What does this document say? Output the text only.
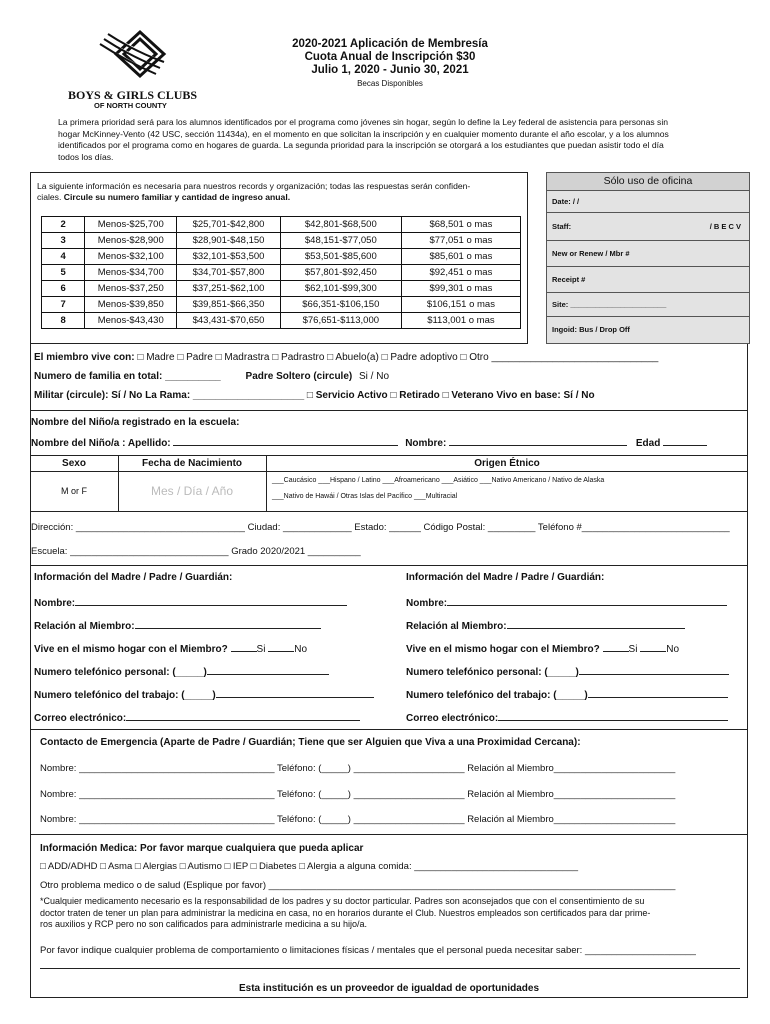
BOYS & GIRLS CLUBS
OF NORTH COUNTY
2020-2021 Aplicación de Membresía
Cuota Anual de Inscripción $30
Julio 1, 2020 - Junio 30, 2021
Becas Disponibles
La primera prioridad será para los alumnos identificados por el programa como jóvenes sin hogar, según lo define la Ley federal de asistencia para personas sin
hogar McKinney-Vento (42 USC, sección 11434a), en el momento en que solicitan la inscripción y en cualquier momento durante el año escolar, y a los alumnos
identificados por el programa como en hogares de guarda. La segunda prioridad para la inscripción se otorgará a los estudiantes que puedan asistir todo el día
todos los días.
La siguiente información es necesaria para nuestros records y organización; todas las respuestas serán confiden-
ciales. Circule su numero familiar y cantidad de ingreso anual.
2	Menos-$25,700	$25,701-$42,800	$42,801-$68,500	$68,501 o mas
3	Menos-$28,900	$28,901-$48,150	$48,151-$77,050	$77,051 o mas
4	Menos-$32,100	$32,101-$53,500	$53,501-$85,600	$85,601 o mas
5	Menos-$34,700	$34,701-$57,800	$57,801-$92,450	$92,451 o mas
6	Menos-$37,250	$37,251-$62,100	$62,101-$99,300	$99,301 o mas
7	Menos-$39,850	$39,851-$66,350	$66,351-$106,150	$106,151 o mas
8	Menos-$43,430	$43,431-$70,650	$76,651-$113,000	$113,001 o mas
Sólo uso de oficina
Date: / /
Staff:	/ B E C V
New or Renew / Mbr #
Receipt #
Site: _______________________
Ingoid: Bus / Drop Off
El miembro vive con: □ Madre □ Padre □ Madrastra □ Padrastro □ Abuelo(a) □ Padre adoptivo □ Otro ______________________________
Numero de familia en total: __________ Padre Soltero (circule) Si / No
Militar (circule): Sí / No La Rama: ____________________ □ Servicio Activo □ Retirado □ Veterano Vivo en base: Sí / No
Nombre del Niño/a registrado en la escuela:
Nombre del Niño/a : Apellido:	Nombre:	Edad
Sexo	Fecha de Nacimiento	Origen Étnico
M or F	Mes / Día / Año
___Caucásico ___Hispano / Latino ___Afroamericano ___Asiático ___Nativo Americano / Nativo de Alaska
___Nativo de Hawái / Otras Islas del Pacífico ___Multiracial
Dirección: ________________________________ Ciudad: _____________ Estado: ______ Código Postal: _________ Teléfono #____________________________
Escuela: ______________________________ Grado 2020/2021 __________
Información del Madre / Padre / Guardián:
Nombre:
Relación al Miembro:
Vive en el mismo hogar con el Miembro?	Si	No
Numero telefónico personal: (_____)
Numero telefónico del trabajo: (_____)
Correo electrónico:
Información del Madre / Padre / Guardián:
Nombre:
Relación al Miembro:
Vive en el mismo hogar con el Miembro?	Si	No
Numero telefónico personal: (_____)
Numero telefónico del trabajo: (_____)
Correo electrónico:
Contacto de Emergencia (Aparte de Padre / Guardián; Tiene que ser Alguien que Viva a una Proximidad Cercana):
Nombre: _____________________________________ Teléfono: (_____) _____________________ Relación al Miembro_______________________
Nombre: _____________________________________ Teléfono: (_____) _____________________ Relación al Miembro_______________________
Nombre: _____________________________________ Teléfono: (_____) _____________________ Relación al Miembro_______________________
Información Medica: Por favor marque cualquiera que pueda aplicar
□ ADD/ADHD □ Asma □ Alergias □ Autismo □ IEP □ Diabetes □ Alergia a alguna comida: _______________________________
Otro problema medico o de salud (Esplique por favor) _____________________________________________________________________________
*Cualquier medicamento necesario es la responsabilidad de los padres y su doctor particular. Padres son aconsejados que con el consentimiento de su
doctor traten de tener un plan para administrar la medicina en casa, no en horarios durante el Club. Nuestros empleados son certificados para dar prime-
ros auxilios y RCP pero no son calificados para administrarle medicina a su hijo/a.
Por favor indique cualquier problema de comportamiento o limitaciones físicas / mentales que el personal pueda necesitar saber: _____________________
Esta institución es un proveedor de igualdad de oportunidades
